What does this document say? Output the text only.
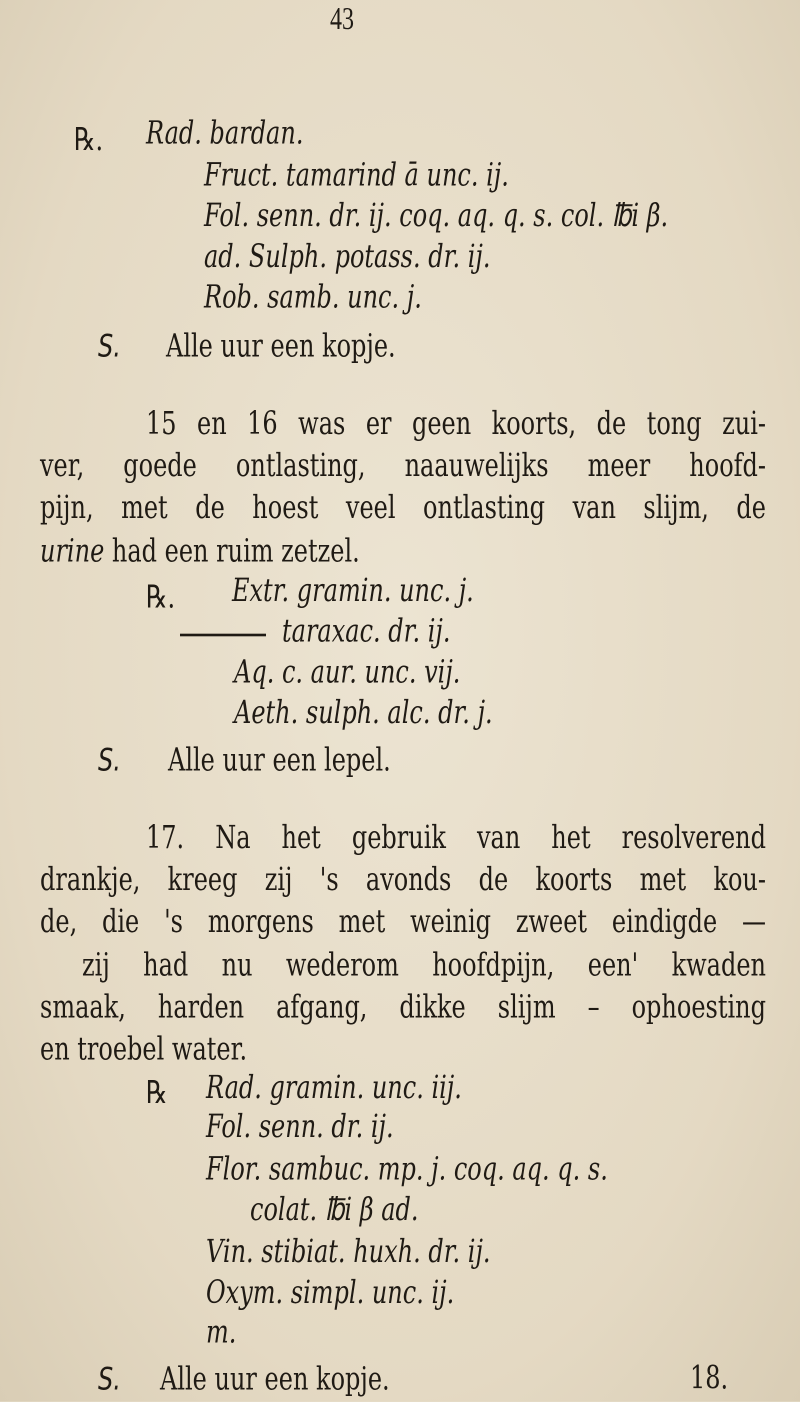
43
℞. Rad. bardan.
Fruct. tamarind ā unc. ij.
Fol. senn. dr. ij. coq. aq. q. s. col. ℔i β.
ad. Sulph. potass. dr. ij.
Rob. samb. unc. j.
S. Alle uur een kopje.
15 en 16 was er geen koorts, de tong zui-
ver, goede ontlasting, naauwelijks meer hoofd-
pijn, met de hoest veel ontlasting van slijm, de
urine had een ruim zetzel.
℞. Extr. gramin. unc. j.
taraxac. dr. ij.
Aq. c. aur. unc. vij.
Aeth. sulph. alc. dr. j.
S. Alle uur een lepel.
17. Na het gebruik van het resolverend
drankje, kreeg zij 's avonds de koorts met kou-
de, die 's morgens met weinig zweet eindigde —
zij had nu wederom hoofdpijn, een' kwaden
smaak, harden afgang, dikke slijm – ophoesting
en troebel water.
℞ Rad. gramin. unc. iij.
Fol. senn. dr. ij.
Flor. sambuc. mp. j. coq. aq. q. s.
colat. ℔i β ad.
Vin. stibiat. huxh. dr. ij.
Oxym. simpl. unc. ij.
m.
S. Alle uur een kopje.	18.
